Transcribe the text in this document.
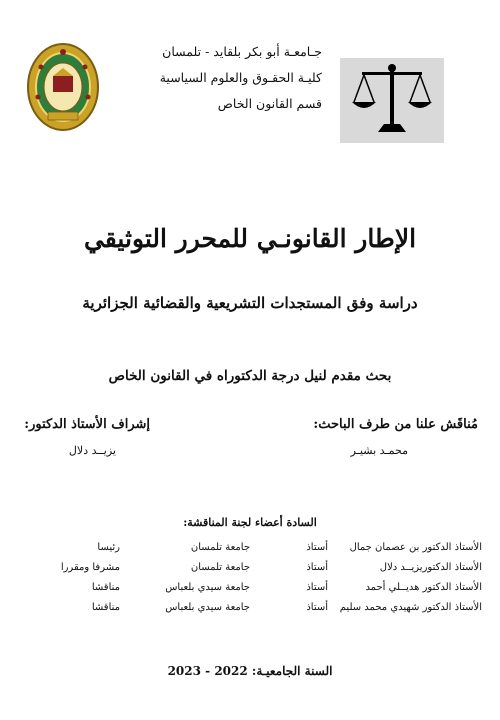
جـامعـة أبو بكر بلقايد - تلمسان
كليـة الحقـوق والعلوم السياسية
قسم القانون الخاص
الإطار القانونـي للمحرر التوثيقي
دراسة وفق المستجدات التشريعية والقضائية الجزائرية
بحث مقدم لنيل درجة الدكتوراه في القانون الخاص
مُناقَش علنا من طرف الباحث:
إشراف الأستاذ الدكتور:
محمـد بشيـر
يزيــد دلال
السادة أعضاء لجنة المناقشة:
الأستاذ الدكتور بن عصمان جمال
أستاذ
جامعة تلمسان
رئيسا
الأستاذ الدكتوريزيــد دلال
أستاذ
جامعة تلمسان
مشرفا ومقررا
الأستاذ الدكتور هديــلي أحمد
أستاذ
جامعة سيدي بلعباس
مناقشا
الأستاذ الدكتور شهيدي محمد سليم
أستاذ
جامعة سيدي بلعباس
مناقشا
السنة الجامعيـة: 2022 - 2023
